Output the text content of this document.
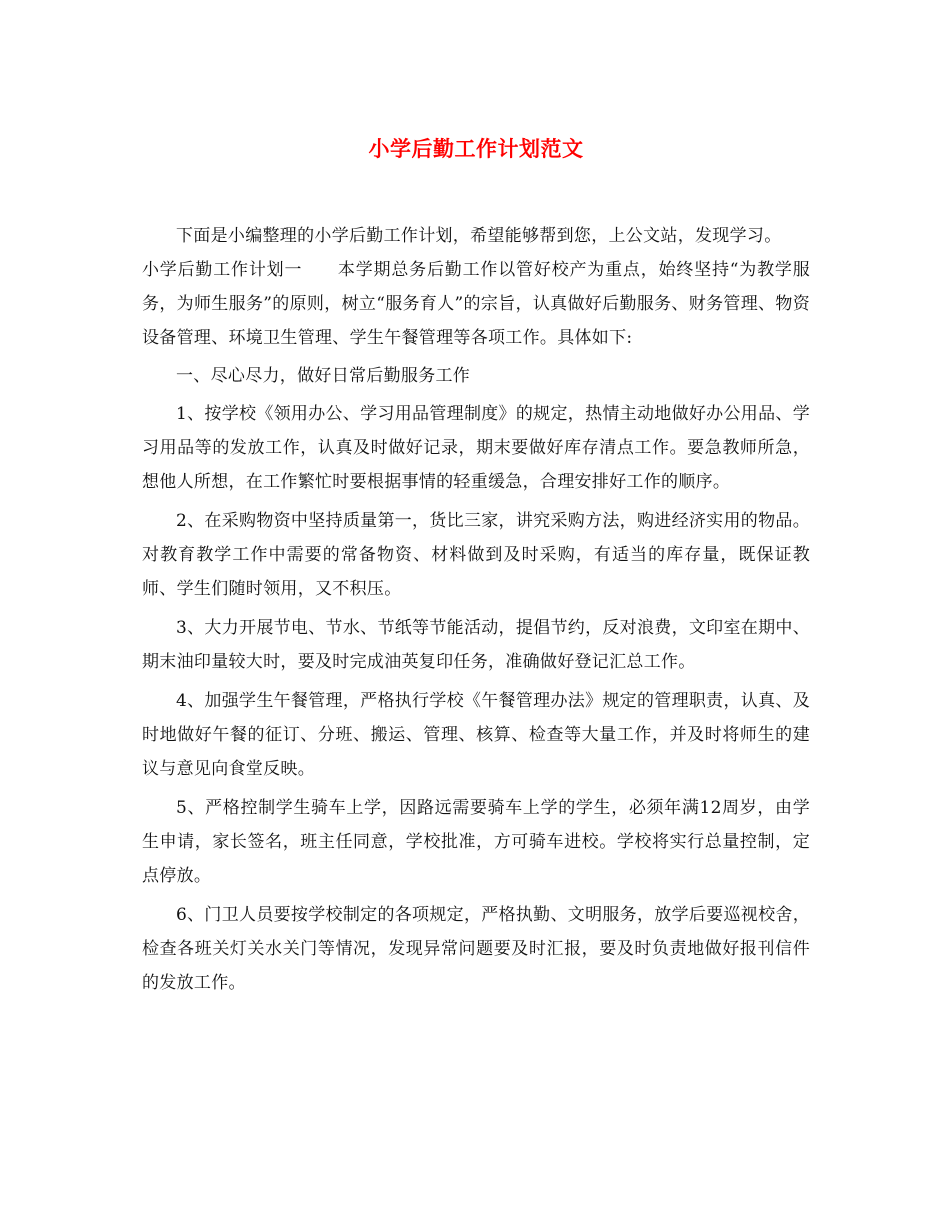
小学后勤工作计划范文

下面是小编整理的小学后勤工作计划，希望能够帮到您，上公文站，发现学习。

小学后勤工作计划一　　本学期总务后勤工作以管好校产为重点，始终坚持“为教学服务，为师生服务”的原则，树立“服务育人”的宗旨，认真做好后勤服务、财务管理、物资设备管理、环境卫生管理、学生午餐管理等各项工作。具体如下:

一、尽心尽力，做好日常后勤服务工作

1、按学校《领用办公、学习用品管理制度》的规定，热情主动地做好办公用品、学习用品等的发放工作，认真及时做好记录，期末要做好库存清点工作。要急教师所急，想他人所想，在工作繁忙时要根据事情的轻重缓急，合理安排好工作的顺序。

2、在采购物资中坚持质量第一，货比三家，讲究采购方法，购进经济实用的物品。对教育教学工作中需要的常备物资、材料做到及时采购，有适当的库存量，既保证教师、学生们随时领用，又不积压。

3、大力开展节电、节水、节纸等节能活动，提倡节约，反对浪费，文印室在期中、期末油印量较大时，要及时完成油英复印任务，准确做好登记汇总工作。

4、加强学生午餐管理，严格执行学校《午餐管理办法》规定的管理职责，认真、及时地做好午餐的征订、分班、搬运、管理、核算、检查等大量工作，并及时将师生的建议与意见向食堂反映。

5、严格控制学生骑车上学，因路远需要骑车上学的学生，必须年满12周岁，由学生申请，家长签名，班主任同意，学校批准，方可骑车进校。学校将实行总量控制，定点停放。

6、门卫人员要按学校制定的各项规定，严格执勤、文明服务，放学后要巡视校舍，检查各班关灯关水关门等情况，发现异常问题要及时汇报，要及时负责地做好报刊信件的发放工作。
